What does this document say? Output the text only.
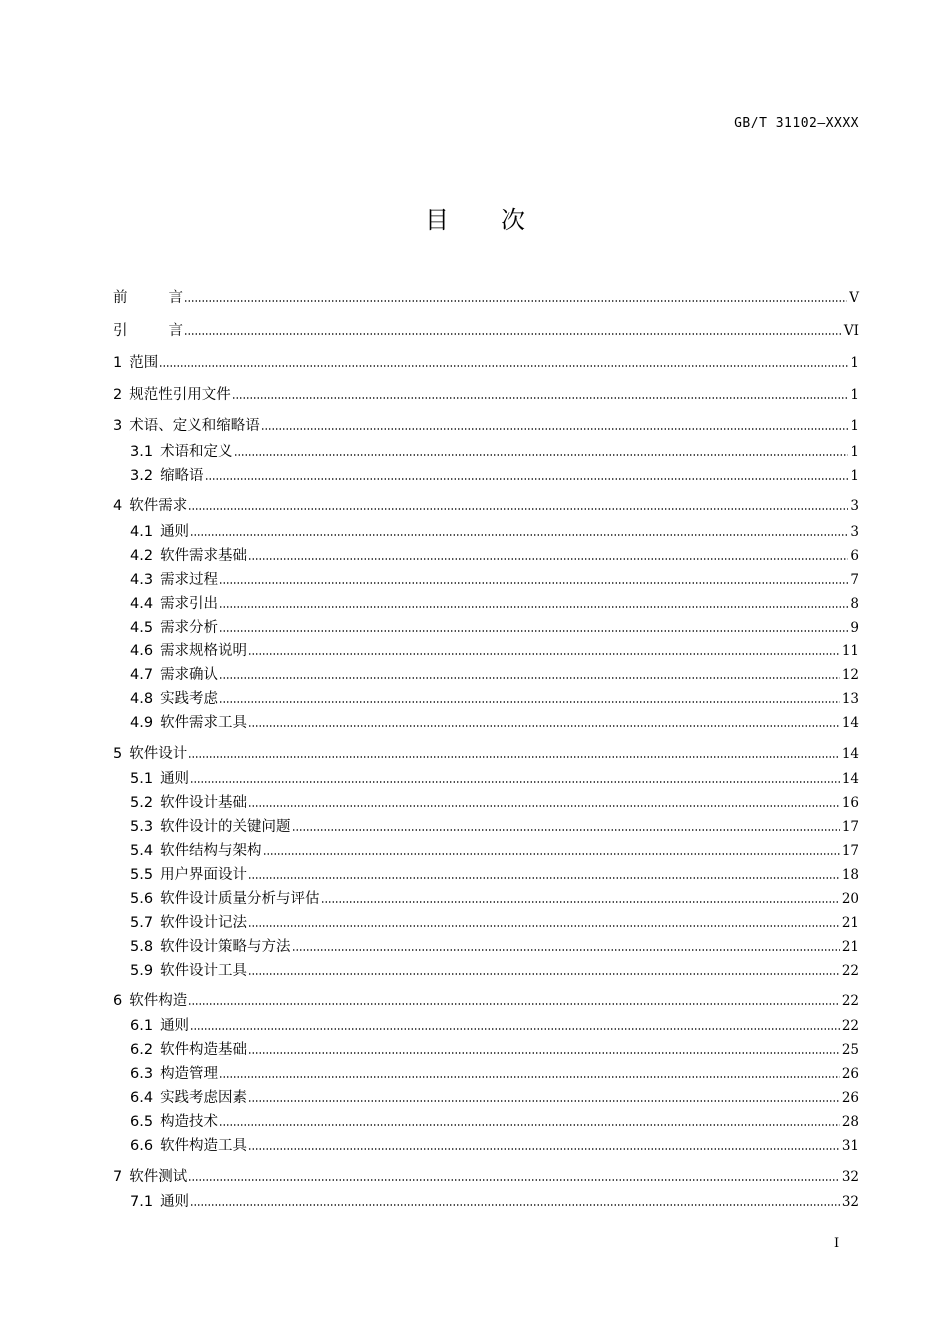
GB/T 31102—XXXX
目 次
前言	V
引言	VI
1 范围	1
2 规范性引用文件	1
3 术语、定义和缩略语	1
3.1 术语和定义	1
3.2 缩略语	1
4 软件需求	3
4.1 通则	3
4.2 软件需求基础	6
4.3 需求过程	7
4.4 需求引出	8
4.5 需求分析	9
4.6 需求规格说明	11
4.7 需求确认	12
4.8 实践考虑	13
4.9 软件需求工具	14
5 软件设计	14
5.1 通则	14
5.2 软件设计基础	16
5.3 软件设计的关键问题	17
5.4 软件结构与架构	17
5.5 用户界面设计	18
5.6 软件设计质量分析与评估	20
5.7 软件设计记法	21
5.8 软件设计策略与方法	21
5.9 软件设计工具	22
6 软件构造	22
6.1 通则	22
6.2 软件构造基础	25
6.3 构造管理	26
6.4 实践考虑因素	26
6.5 构造技术	28
6.6 软件构造工具	31
7 软件测试	32
7.1 通则	32
I
